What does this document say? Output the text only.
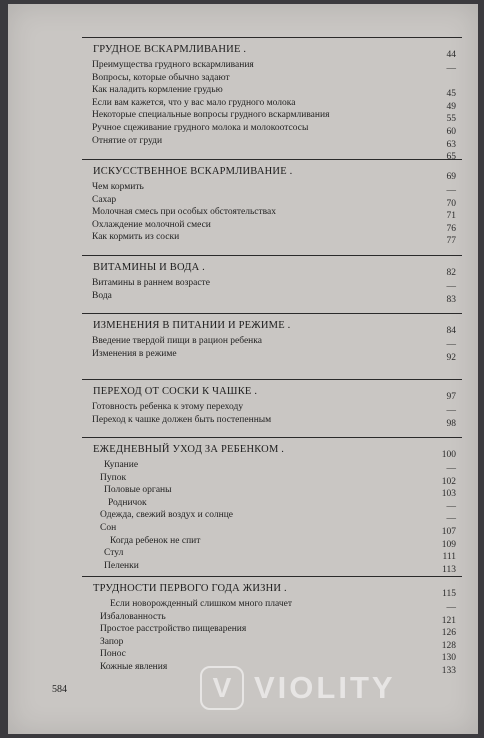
ГРУДНОЕ ВСКАРМЛИВАНИЕ .	44
Преимущества грудного вскармливания	—
Вопросы, которые обычно задают
Как наладить кормление грудью	45
Если вам кажется, что у вас мало грудного молока	49
Некоторые специальные вопросы грудного вскармливания	55
Ручное сцеживание грудного молока и молокоотсосы	60
Отнятие от груди	63
65
ИСКУССТВЕННОЕ ВСКАРМЛИВАНИЕ .	69
Чем кормить	—
Сахар	70
Молочная смесь при особых обстоятельствах	71
Охлаждение молочной смеси	76
Как кормить из соски	77
ВИТАМИНЫ И ВОДА .	82
Витамины в раннем возрасте	—
Вода	83
ИЗМЕНЕНИЯ В ПИТАНИИ И РЕЖИМЕ .	84
Введение твердой пищи в рацион ребенка	—
Изменения в режиме	92
ПЕРЕХОД ОТ СОСКИ К ЧАШКЕ .	97
Готовность ребенка к этому переходу	—
Переход к чашке должен быть постепенным	98
ЕЖЕДНЕВНЫЙ УХОД ЗА РЕБЕНКОМ .	100
Купание	—
Пупок	102
Половые органы	103
Родничок	—
Одежда, свежий воздух и солнце	—
Сон	107
Когда ребенок не спит	109
Стул	111
Пеленки	113
ТРУДНОСТИ ПЕРВОГО ГОДА ЖИЗНИ .	115
Если новорожденный слишком много плачет	—
Избалованность	121
Простое расстройство пищеварения	126
Запор	128
Понос	130
Кожные явления	133
584	V VIOLITY
